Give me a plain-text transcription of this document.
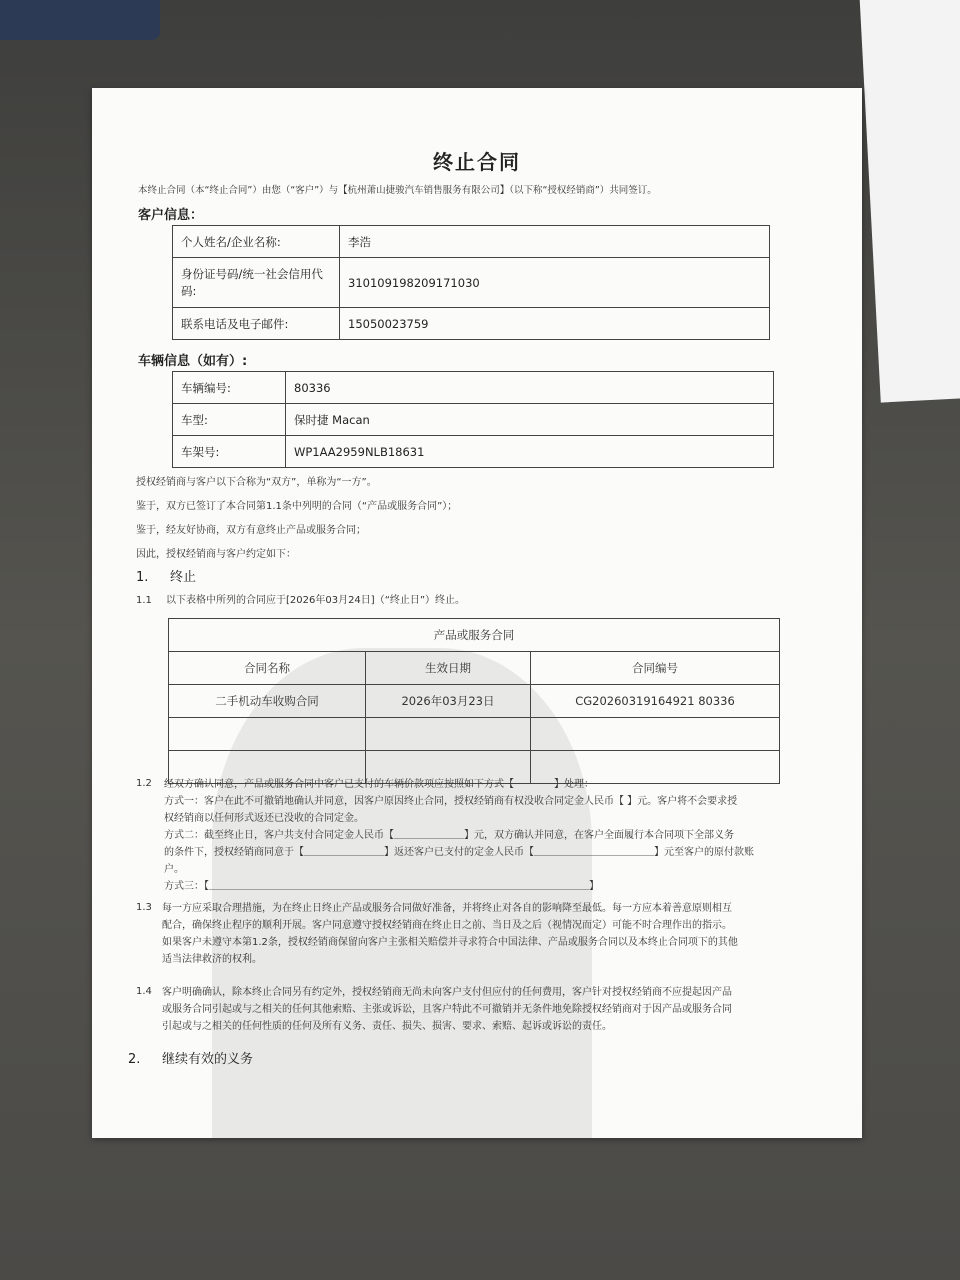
终止合同
本终止合同（本“终止合同”）由您（“客户”）与【杭州萧山捷骏汽车销售服务有限公司】（以下称“授权经销商”）共同签订。
客户信息：
个人姓名/企业名称:	李浩
身份证号码/统一社会信用代码:	310109198209171030
联系电话及电子邮件:	15050023759
车辆信息（如有）:
车辆编号:	80336
车型:	保时捷 Macan
车架号:	WP1AA2959NLB18631
授权经销商与客户以下合称为“双方”，单称为“一方”。
鉴于，双方已签订了本合同第1.1条中列明的合同（“产品或服务合同”）；
鉴于，经友好协商，双方有意终止产品或服务合同；
因此，授权经销商与客户约定如下：
1. 终止
1.1 以下表格中所列的合同应于[2026年03月24日]（“终止日”）终止。
产品或服务合同		
合同名称	生效日期	合同编号
二手机动车收购合同	2026年03月23日	CG20260319164921 80336

1.2 经双方确认同意，产品或服务合同中客户已支付的车辆价款项应按照如下方式【　　　　】处理：
方式一：客户在此不可撤销地确认并同意，因客户原因终止合同，授权经销商有权没收合同定金人民币【 】元。客户将不会要求授
权经销商以任何形式返还已没收的合同定金。
方式二：截至终止日，客户共支付合同定金人民币【＿＿＿＿＿＿＿】元，双方确认并同意，在客户全面履行本合同项下全部义务
的条件下，授权经销商同意于【＿＿＿＿＿＿＿＿】返还客户已支付的定金人民币【＿＿＿＿＿＿＿＿＿＿＿＿】元至客户的原付款账
户。
方式三：【＿＿＿＿＿＿＿＿＿＿＿＿＿＿＿＿＿＿＿＿＿＿＿＿＿＿＿＿＿＿＿＿＿＿＿＿＿＿】
1.3 每一方应采取合理措施，为在终止日终止产品或服务合同做好准备，并将终止对各自的影响降至最低。每一方应本着善意原则相互
配合，确保终止程序的顺利开展。客户同意遵守授权经销商在终止日之前、当日及之后（视情况而定）可能不时合理作出的指示。
如果客户未遵守本第1.2条，授权经销商保留向客户主张相关赔偿并寻求符合中国法律、产品或服务合同以及本终止合同项下的其他
适当法律救济的权利。
1.4 客户明确确认，除本终止合同另有约定外，授权经销商无尚未向客户支付但应付的任何费用，客户针对授权经销商不应提起因产品
或服务合同引起或与之相关的任何其他索赔、主张或诉讼，且客户特此不可撤销并无条件地免除授权经销商对于因产品或服务合同
引起或与之相关的任何性质的任何及所有义务、责任、损失、损害、要求、索赔、起诉或诉讼的责任。
2. 继续有效的义务
